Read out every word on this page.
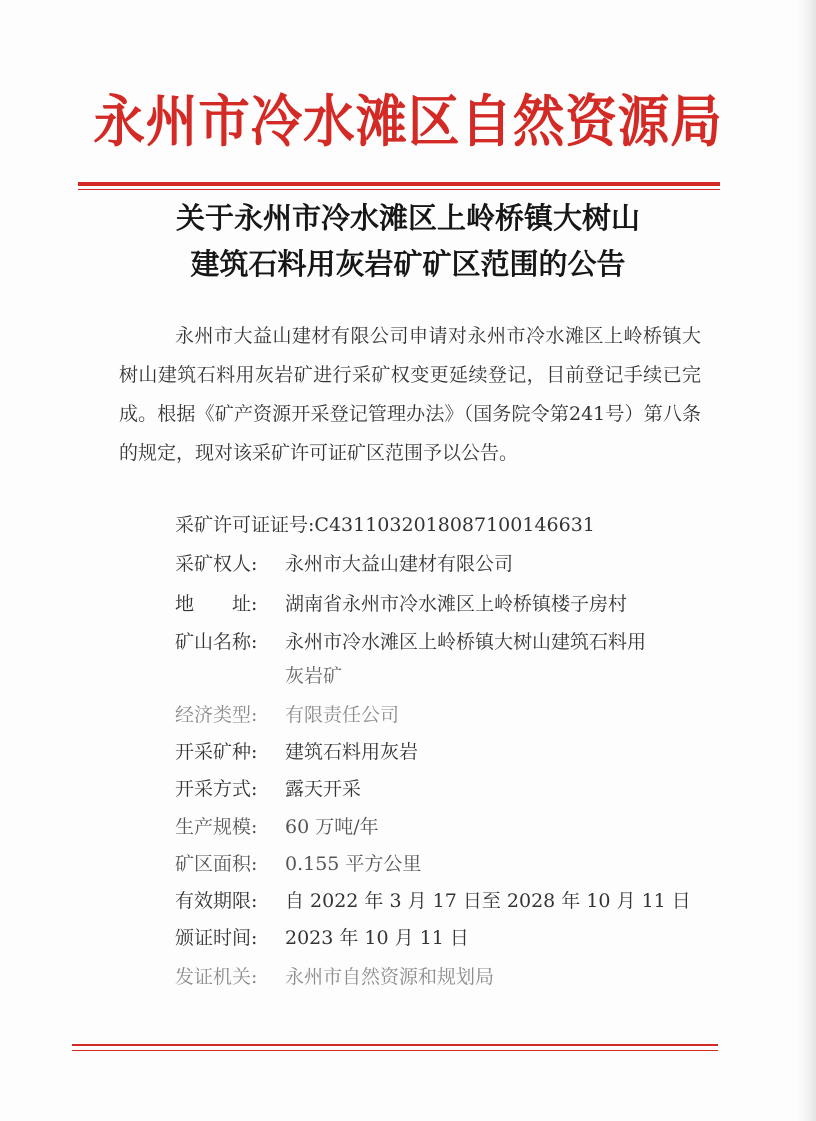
永州市冷水滩区自然资源局
关于永州市冷水滩区上岭桥镇大树山
建筑石料用灰岩矿矿区范围的公告
永州市大益山建材有限公司申请对永州市冷水滩区上岭桥镇大树山建筑石料用灰岩矿进行采矿权变更延续登记，目前登记手续已完成。根据《矿产资源开采登记管理办法》（国务院令第241号）第八条的规定，现对该采矿许可证矿区范围予以公告。
采矿许可证证号:C4311032018087100146631
采矿权人: 永州市大益山建材有限公司
地　　址: 湖南省永州市冷水滩区上岭桥镇楼子房村
矿山名称: 永州市冷水滩区上岭桥镇大树山建筑石料用
灰岩矿
经济类型: 有限责任公司
开采矿种: 建筑石料用灰岩
开采方式: 露天开采
生产规模: 60 万吨/年
矿区面积: 0.155 平方公里
有效期限: 自 2022 年 3 月 17 日至 2028 年 10 月 11 日
颁证时间: 2023 年 10 月 11 日
发证机关: 永州市自然资源和规划局
